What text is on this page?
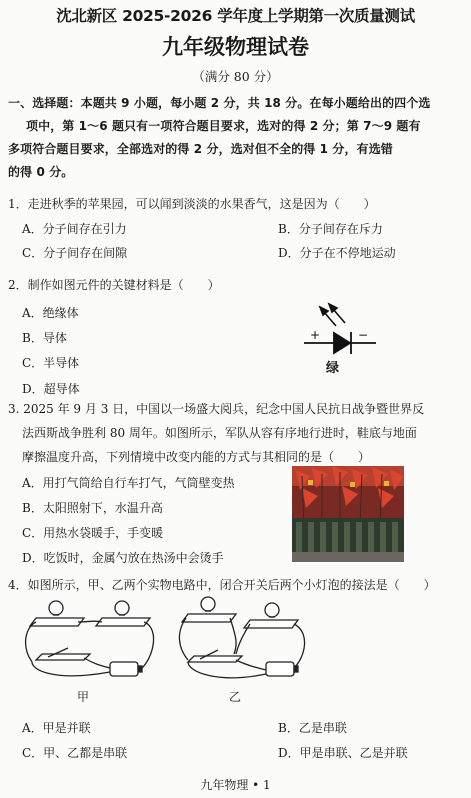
沈北新区 2025-2026 学年度上学期第一次质量测试
九年级物理试卷
（满分 80 分）
一、选择题：本题共 9 小题，每小题 2 分，共 18 分。在每小题给出的四个选
项中，第 1～6 题只有一项符合题目要求，选对的得 2 分；第 7～9 题有
多项符合题目要求，全部选对的得 2 分，选对但不全的得 1 分，有选错
的得 0 分。
1．走进秋季的苹果园，可以闻到淡淡的水果香气，这是因为（　　）
A．分子间存在引力	B．分子间存在斥力
C．分子间存在间隙	D．分子在不停地运动
2．制作如图元件的关键材料是（　　）
A．绝缘体
B．导体
C．半导体
D．超导体
+	−
绿
3. 2025 年 9 月 3 日，中国以一场盛大阅兵，纪念中国人民抗日战争暨世界反
法西斯战争胜利 80 周年。如图所示，军队从容有序地行进时，鞋底与地面
摩擦温度升高，下列情境中改变内能的方式与其相同的是（　　）
A．用打气筒给自行车打气，气筒壁变热
B．太阳照射下，水温升高
C．用热水袋暖手，手变暖
D．吃饭时，金属勺放在热汤中会烫手
4．如图所示，甲、乙两个实物电路中，闭合开关后两个小灯泡的接法是（　　）
甲	乙
A．甲是并联	B．乙是串联
C．甲、乙都是串联	D．甲是串联、乙是并联
九年物理 • 1
